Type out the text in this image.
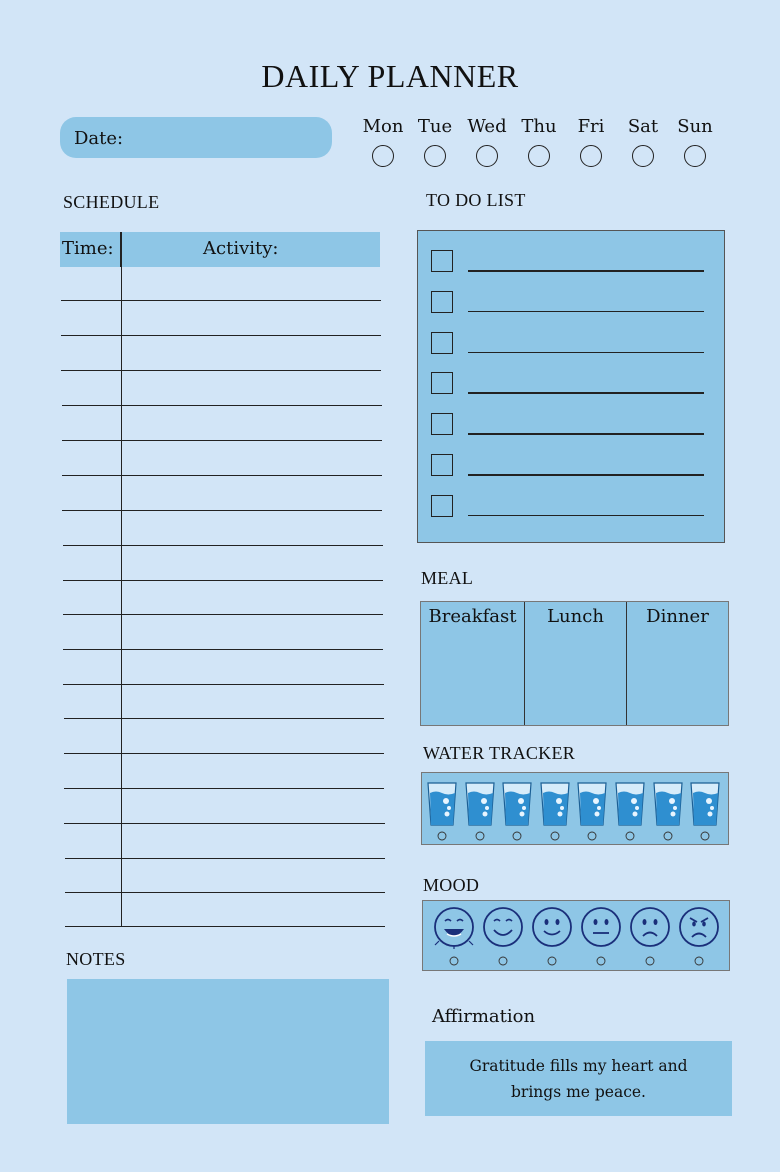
DAILY PLANNER
Date:
Mon Tue Wed Thu	Fri	Sat	Sun
SCHEDULE
Time:	Activity:
TO DO LIST
MEAL
Breakfast	Lunch	Dinner
WATER TRACKER
MOOD
NOTES
Affirmation
Gratitude fills my heart and brings me peace.
